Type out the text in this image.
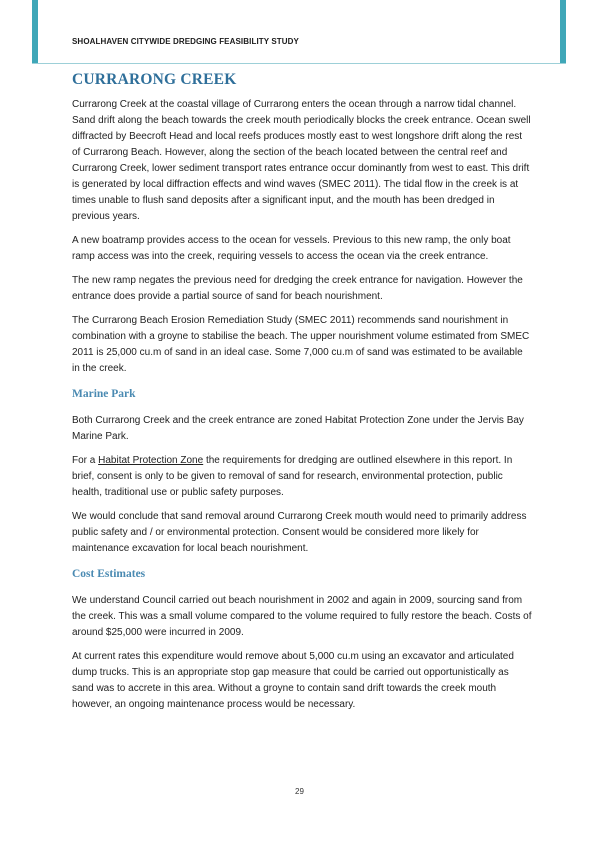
SHOALHAVEN CITYWIDE DREDGING FEASIBILITY STUDY
CURRARONG CREEK

Currarong Creek at the coastal village of Currarong enters the ocean through a narrow tidal channel. Sand drift along the beach towards the creek mouth periodically blocks the creek entrance. Ocean swell diffracted by Beecroft Head and local reefs produces mostly east to west longshore drift along the rest of Currarong Beach. However, along the section of the beach located between the central reef and Currarong Creek, lower sediment transport rates entrance occur dominantly from west to east. This drift is generated by local diffraction effects and wind waves (SMEC 2011). The tidal flow in the creek is at times unable to flush sand deposits after a significant input, and the mouth has been dredged in previous years.

A new boatramp provides access to the ocean for vessels. Previous to this new ramp, the only boat ramp access was into the creek, requiring vessels to access the ocean via the creek entrance.

The new ramp negates the previous need for dredging the creek entrance for navigation. However the entrance does provide a partial source of sand for beach nourishment.

The Currarong Beach Erosion Remediation Study (SMEC 2011) recommends sand nourishment in combination with a groyne to stabilise the beach. The upper nourishment volume estimated from SMEC 2011 is 25,000 cu.m of sand in an ideal case. Some 7,000 cu.m of sand was estimated to be available in the creek.

Marine Park

Both Currarong Creek and the creek entrance are zoned Habitat Protection Zone under the Jervis Bay Marine Park.

For a Habitat Protection Zone the requirements for dredging are outlined elsewhere in this report. In brief, consent is only to be given to removal of sand for research, environmental protection, public health, traditional use or public safety purposes.

We would conclude that sand removal around Currarong Creek mouth would need to primarily address public safety and / or environmental protection. Consent would be considered more likely for maintenance excavation for local beach nourishment.

Cost Estimates

We understand Council carried out beach nourishment in 2002 and again in 2009, sourcing sand from the creek. This was a small volume compared to the volume required to fully restore the beach. Costs of around $25,000 were incurred in 2009.

At current rates this expenditure would remove about 5,000 cu.m using an excavator and articulated dump trucks. This is an appropriate stop gap measure that could be carried out opportunistically as sand was to accrete in this area. Without a groyne to contain sand drift towards the creek mouth however, an ongoing maintenance process would be necessary.

29
